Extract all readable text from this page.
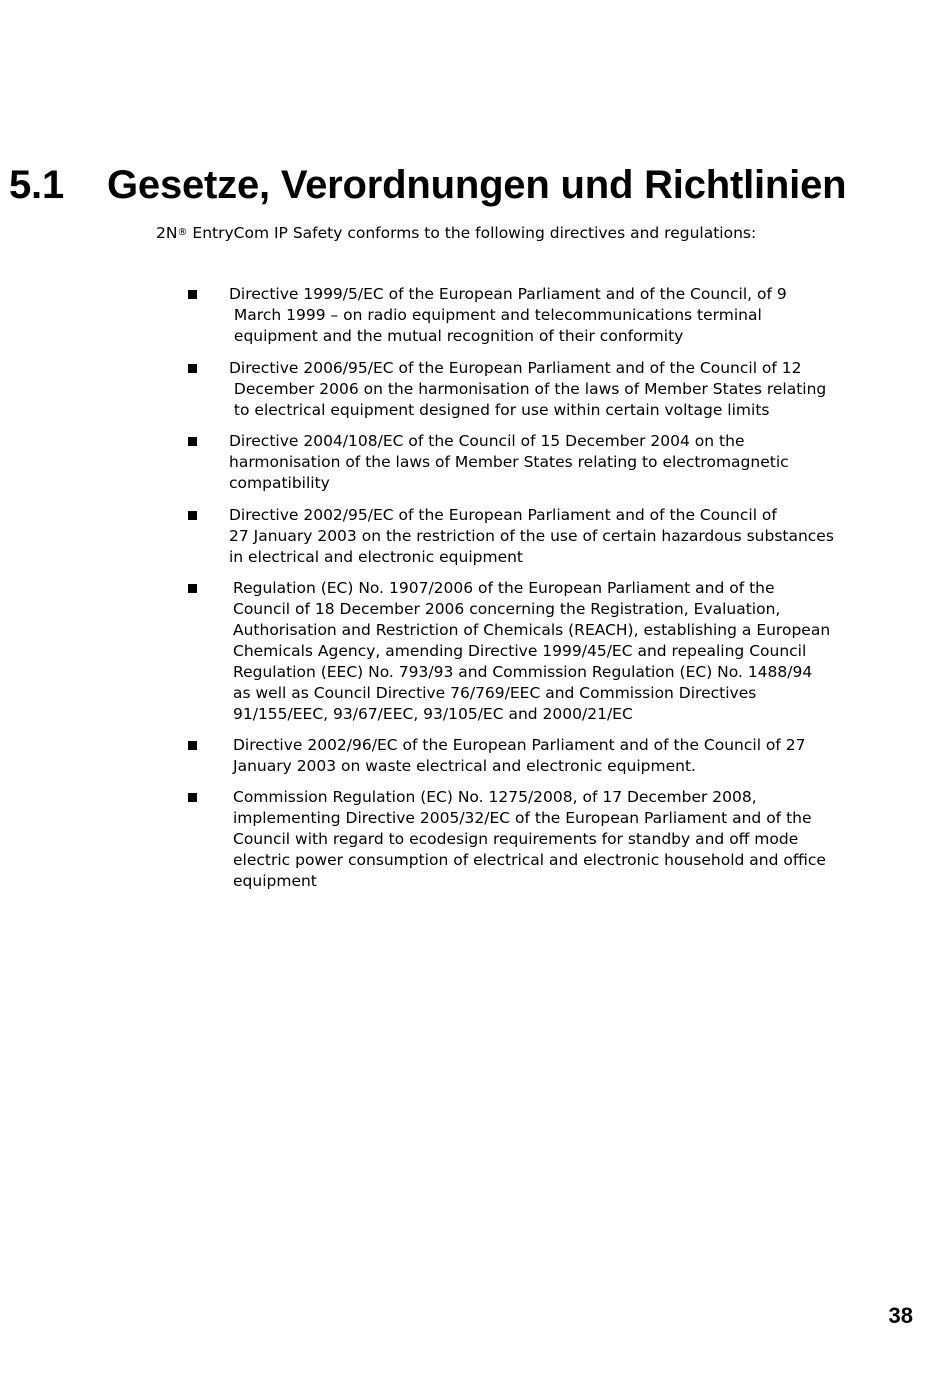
5.1 Gesetze, Verordnungen und Richtlinien

2N® EntryCom IP Safety conforms to the following directives and regulations:

Directive 1999/5/EC of the European Parliament and of the Council, of 9
March 1999 – on radio equipment and telecommunications terminal
equipment and the mutual recognition of their conformity
Directive 2006/95/EC of the European Parliament and of the Council of 12
December 2006 on the harmonisation of the laws of Member States relating
to electrical equipment designed for use within certain voltage limits
Directive 2004/108/EC of the Council of 15 December 2004 on the
harmonisation of the laws of Member States relating to electromagnetic
compatibility
Directive 2002/95/EC of the European Parliament and of the Council of
27 January 2003 on the restriction of the use of certain hazardous substances
in electrical and electronic equipment
Regulation (EC) No. 1907/2006 of the European Parliament and of the
Council of 18 December 2006 concerning the Registration, Evaluation,
Authorisation and Restriction of Chemicals (REACH), establishing a European
Chemicals Agency, amending Directive 1999/45/EC and repealing Council
Regulation (EEC) No. 793/93 and Commission Regulation (EC) No. 1488/94
as well as Council Directive 76/769/EEC and Commission Directives
91/155/EEC, 93/67/EEC, 93/105/EC and 2000/21/EC
Directive 2002/96/EC of the European Parliament and of the Council of 27
January 2003 on waste electrical and electronic equipment.
Commission Regulation (EC) No. 1275/2008, of 17 December 2008,
implementing Directive 2005/32/EC of the European Parliament and of the
Council with regard to ecodesign requirements for standby and off mode
electric power consumption of electrical and electronic household and office
equipment
38
